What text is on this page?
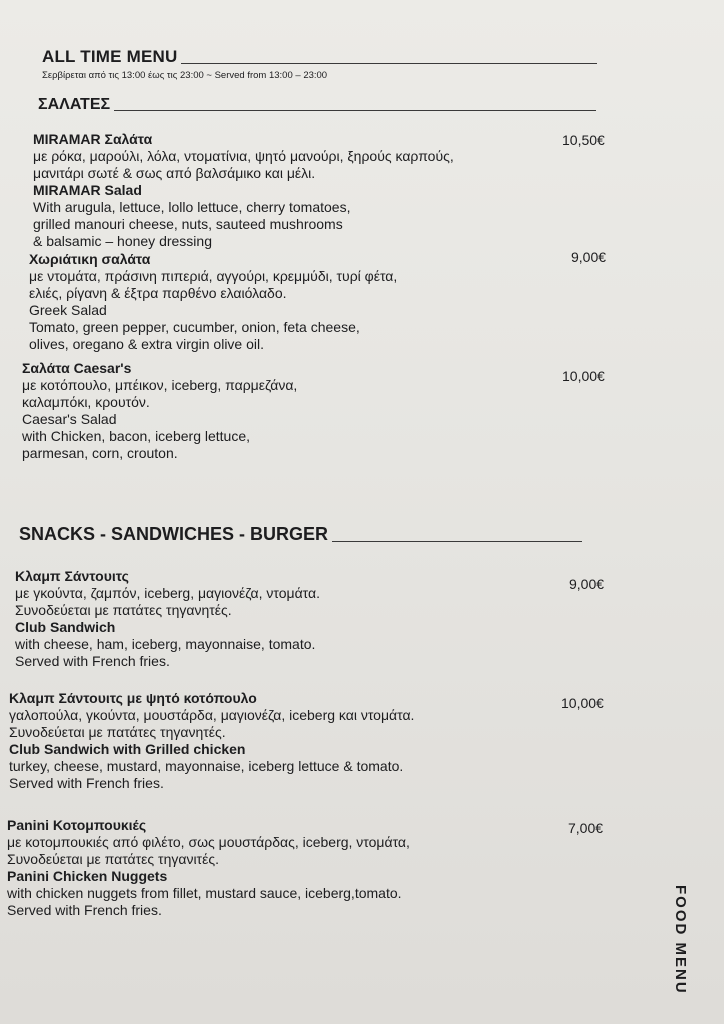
ALL TIME MENU
Σερβίρεται από τις 13:00 έως τις 23:00 ~ Served from 13:00 – 23:00
ΣΑΛΑΤΕΣ
MIRAMAR Σαλάτα
με ρόκα, μαρούλι, λόλα, ντοματίνια, ψητό μανούρι, ξηρούς καρπούς,
μανιτάρι σωτέ & σως από βαλσάμικο και μέλι.
MIRAMAR Salad
With arugula, lettuce, lollo lettuce, cherry tomatoes,
grilled manouri cheese, nuts, sauteed mushrooms
& balsamic – honey dressing
10,50€
Χωριάτικη σαλάτα
με ντομάτα, πράσινη πιπεριά, αγγούρι, κρεμμύδι, τυρί φέτα,
ελιές, ρίγανη & έξτρα παρθένο ελαιόλαδο.
Greek Salad
Tomato, green pepper, cucumber, onion, feta cheese,
olives, oregano & extra virgin olive oil.
9,00€
Σαλάτα Caesar's
με κοτόπουλο, μπέικον, iceberg, παρμεζάνα,
καλαμπόκι, κρουτόν.
Caesar's Salad
with Chicken, bacon, iceberg lettuce,
parmesan, corn, crouton.
10,00€
SNACKS - SANDWICHES - BURGER
Κλαμπ Σάντουιτς
με γκούντα, ζαμπόν, iceberg, μαγιονέζα, ντομάτα.
Συνοδεύεται με πατάτες τηγανητές.
Club Sandwich
with cheese, ham, iceberg, mayonnaise, tomato.
Served with French fries.
9,00€
Κλαμπ Σάντουιτς με ψητό κοτόπουλο
γαλοπούλα, γκούντα, μουστάρδα, μαγιονέζα, iceberg και ντομάτα.
Συνοδεύεται με πατάτες τηγανητές.
Club Sandwich with Grilled chicken
turkey, cheese, mustard, mayonnaise, iceberg lettuce & tomato.
Served with French fries.
10,00€
Panini Κοτομπουκιές
με κοτομπουκιές από φιλέτο, σως μουστάρδας, iceberg, ντομάτα,
Συνοδεύεται με πατάτες τηγανιτές.
Panini Chicken Nuggets
with chicken nuggets from fillet, mustard sauce, iceberg,tomato.
Served with French fries.
7,00€
FOOD MENU
